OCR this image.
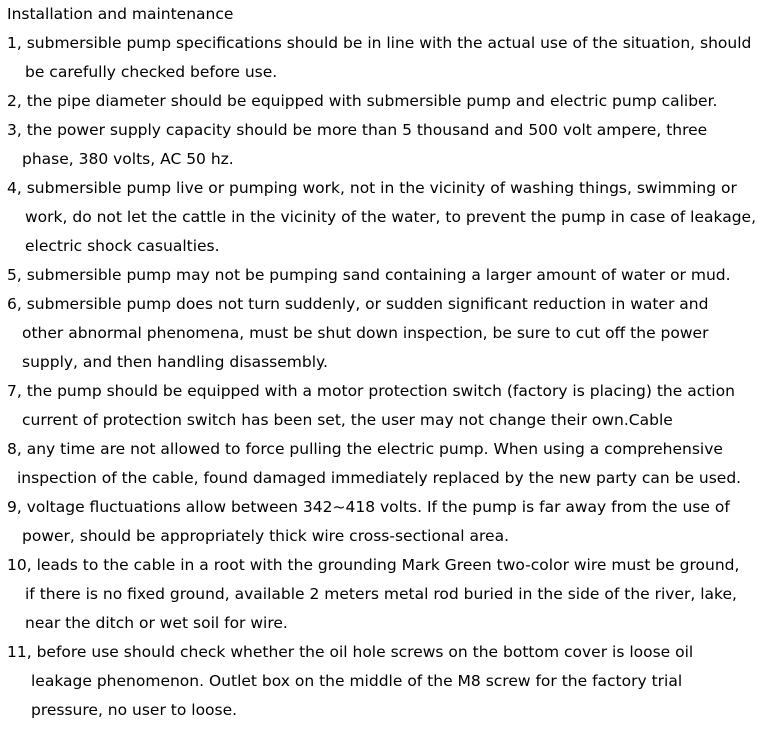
Installation and maintenance
1, submersible pump specifications should be in line with the actual use of the situation, should
be carefully checked before use.
2, the pipe diameter should be equipped with submersible pump and electric pump caliber.
3, the power supply capacity should be more than 5 thousand and 500 volt ampere, three
phase, 380 volts, AC 50 hz.
4, submersible pump live or pumping work, not in the vicinity of washing things, swimming or
work, do not let the cattle in the vicinity of the water, to prevent the pump in case of leakage,
electric shock casualties.
5, submersible pump may not be pumping sand containing a larger amount of water or mud.
6, submersible pump does not turn suddenly, or sudden significant reduction in water and
other abnormal phenomena, must be shut down inspection, be sure to cut off the power
supply, and then handling disassembly.
7, the pump should be equipped with a motor protection switch (factory is placing) the action
current of protection switch has been set, the user may not change their own.Cable
8, any time are not allowed to force pulling the electric pump. When using a comprehensive
inspection of the cable, found damaged immediately replaced by the new party can be used.
9, voltage fluctuations allow between 342~418 volts. If the pump is far away from the use of
power, should be appropriately thick wire cross-sectional area.
10, leads to the cable in a root with the grounding Mark Green two-color wire must be ground,
if there is no fixed ground, available 2 meters metal rod buried in the side of the river, lake,
near the ditch or wet soil for wire.
11, before use should check whether the oil hole screws on the bottom cover is loose oil
leakage phenomenon. Outlet box on the middle of the M8 screw for the factory trial
pressure, no user to loose.
